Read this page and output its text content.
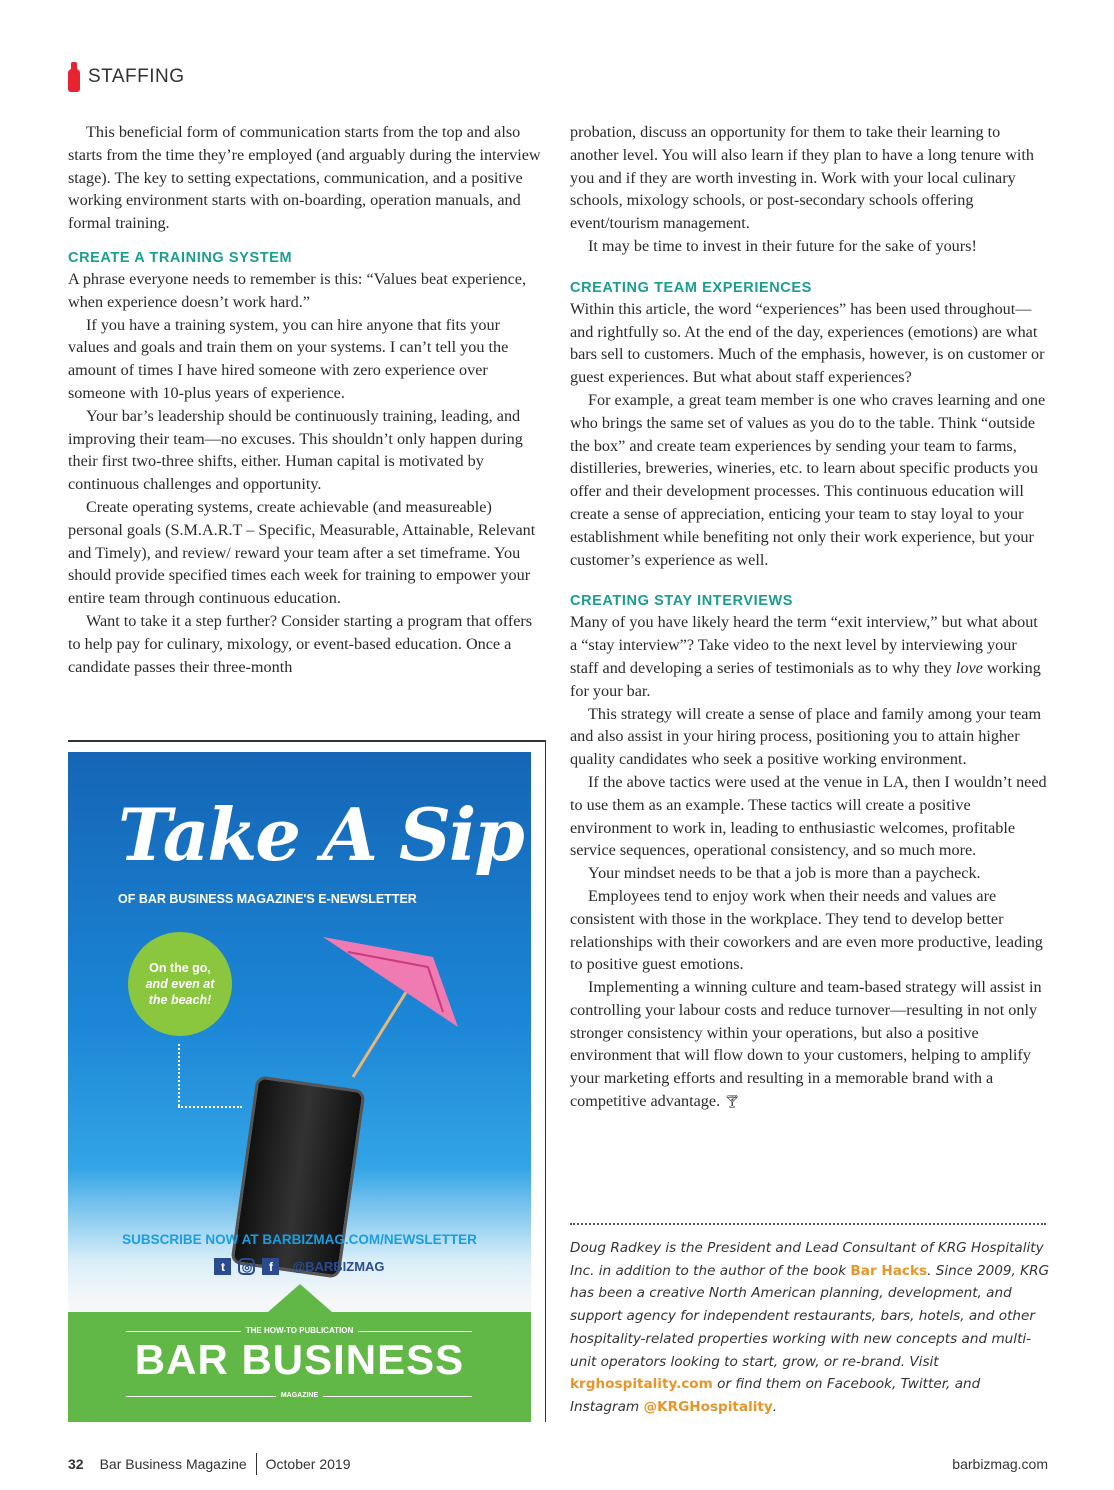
STAFFING

This beneficial form of communication starts from the top and also starts from the time they’re employed (and arguably during the interview stage). The key to setting expectations, communication, and a positive working environment starts with on-boarding, operation manuals, and formal training.

CREATE A TRAINING SYSTEM

A phrase everyone needs to remember is this: “Values beat experience, when experience doesn’t work hard.”

If you have a training system, you can hire anyone that fits your values and goals and train them on your systems. I can’t tell you the amount of times I have hired someone with zero experience over someone with 10-plus years of experience.

Your bar’s leadership should be continuously training, leading, and improving their team—no excuses. This shouldn’t only happen during their first two-three shifts, either. Human capital is motivated by continuous challenges and opportunity.

Create operating systems, create achievable (and measureable) personal goals (S.M.A.R.T – Specific, Measurable, Attainable, Relevant and Timely), and review/ reward your team after a set timeframe. You should provide specified times each week for training to empower your entire team through continuous education.

Want to take it a step further? Consider starting a program that offers to help pay for culinary, mixology, or event-based education. Once a candidate passes their three-month

probation, discuss an opportunity for them to take their learning to another level. You will also learn if they plan to have a long tenure with you and if they are worth investing in. Work with your local culinary schools, mixology schools, or post-secondary schools offering event/tourism management.

It may be time to invest in their future for the sake of yours!

CREATING TEAM EXPERIENCES

Within this article, the word “experiences” has been used throughout—and rightfully so. At the end of the day, experiences (emotions) are what bars sell to customers. Much of the emphasis, however, is on customer or guest experiences. But what about staff experiences?

For example, a great team member is one who craves learning and one who brings the same set of values as you do to the table. Think “outside the box” and create team experiences by sending your team to farms, distilleries, breweries, wineries, etc. to learn about specific products you offer and their development processes. This continuous education will create a sense of appreciation, enticing your team to stay loyal to your establishment while benefiting not only their work experience, but your customer’s experience as well.

CREATING STAY INTERVIEWS

Many of you have likely heard the term “exit interview,” but what about a “stay interview”? Take video to the next level by interviewing your staff and developing a series of testimonials as to why they love working for your bar.

This strategy will create a sense of place and family among your team and also assist in your hiring process, positioning you to attain higher quality candidates who seek a positive working environment.

If the above tactics were used at the venue in LA, then I wouldn’t need to use them as an example. These tactics will create a positive environment to work in, leading to enthusiastic welcomes, profitable service sequences, operational consistency, and so much more.

Your mindset needs to be that a job is more than a paycheck.

Employees tend to enjoy work when their needs and values are consistent with those in the workplace. They tend to develop better relationships with their coworkers and are even more productive, leading to positive guest emotions.

Implementing a winning culture and team-based strategy will assist in controlling your labour costs and reduce turnover—resulting in not only stronger consistency within your operations, but also a positive environment that will flow down to your customers, helping to amplify your marketing efforts and resulting in a memorable brand with a competitive advantage. 🍸︎

Doug Radkey is the President and Lead Consultant of KRG Hospitality Inc. in addition to the author of the book Bar Hacks. Since 2009, KRG has been a creative North American planning, development, and support agency for independent restaurants, bars, hotels, and other hospitality-related properties working with new concepts and multi-unit operators looking to start, grow, or re-brand. Visit krghospitality.com or find them on Facebook, Twitter, and Instagram @KRGHospitality.
Take A Sip
OF BAR BUSINESS MAGAZINE'S E-NEWSLETTER
On the go,
and even at
the beach!
SUBSCRIBE NOW AT BARBIZMAG.COM/NEWSLETTER
t	◎	f	@BARBIZMAG
THE HOW-TO PUBLICATION
BAR BUSINESS
MAGAZINE
32 Bar Business Magazine October 2019	barbizmag.com
